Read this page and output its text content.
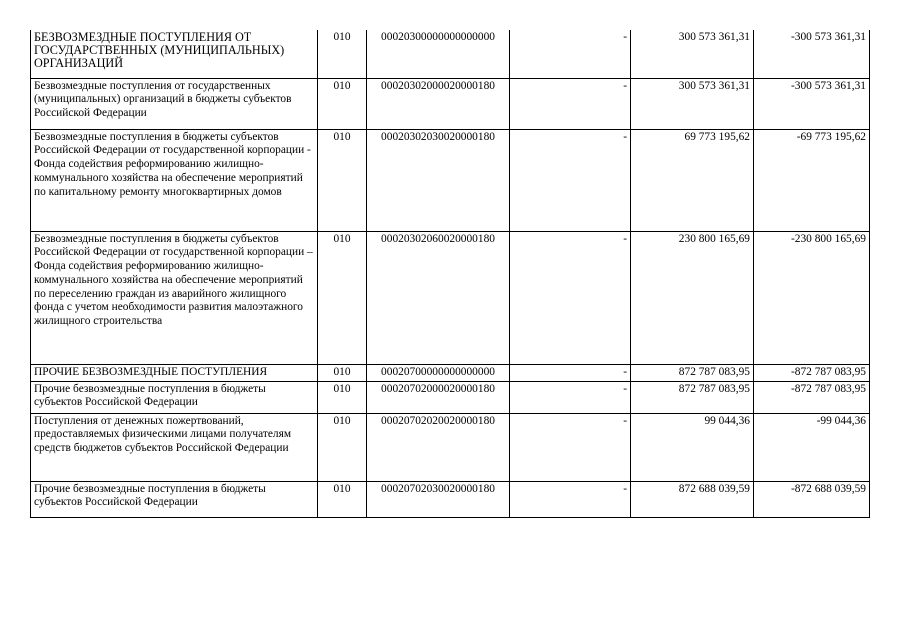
БЕЗВОЗМЕЗДНЫЕ ПОСТУПЛЕНИЯ ОТ ГОСУДАРСТВЕННЫХ (МУНИЦИПАЛЬНЫХ) ОРГАНИЗАЦИЙ	010	00020300000000000000	-	300 573 361,31	-300 573 361,31
Безвозмездные поступления от государственных (муниципальных) организаций в бюджеты субъектов Российской Федерации	010	00020302000020000180	-	300 573 361,31	-300 573 361,31
Безвозмездные поступления в бюджеты субъектов Российской Федерации от государственной корпорации - Фонда содействия реформированию жилищно-коммунального хозяйства на обеспечение мероприятий по капитальному ремонту многоквартирных домов	010	00020302030020000180	-	69 773 195,62	-69 773 195,62
Безвозмездные поступления в бюджеты субъектов Российской Федерации от государственной корпорации – Фонда содействия реформированию жилищно-коммунального хозяйства на обеспечение мероприятий по переселению граждан из аварийного жилищного фонда с учетом необходимости развития малоэтажного жилищного строительства	010	00020302060020000180	-	230 800 165,69	-230 800 165,69
ПРОЧИЕ БЕЗВОЗМЕЗДНЫЕ ПОСТУПЛЕНИЯ	010	00020700000000000000	-	872 787 083,95	-872 787 083,95
Прочие безвозмездные поступления в бюджеты субъектов Российской Федерации	010	00020702000020000180	-	872 787 083,95	-872 787 083,95
Поступления от денежных пожертвований, предоставляемых физическими лицами получателям средств бюджетов субъектов Российской Федерации	010	00020702020020000180	-	99 044,36	-99 044,36
Прочие безвозмездные поступления в бюджеты субъектов Российской Федерации	010	00020702030020000180	-	872 688 039,59	-872 688 039,59
